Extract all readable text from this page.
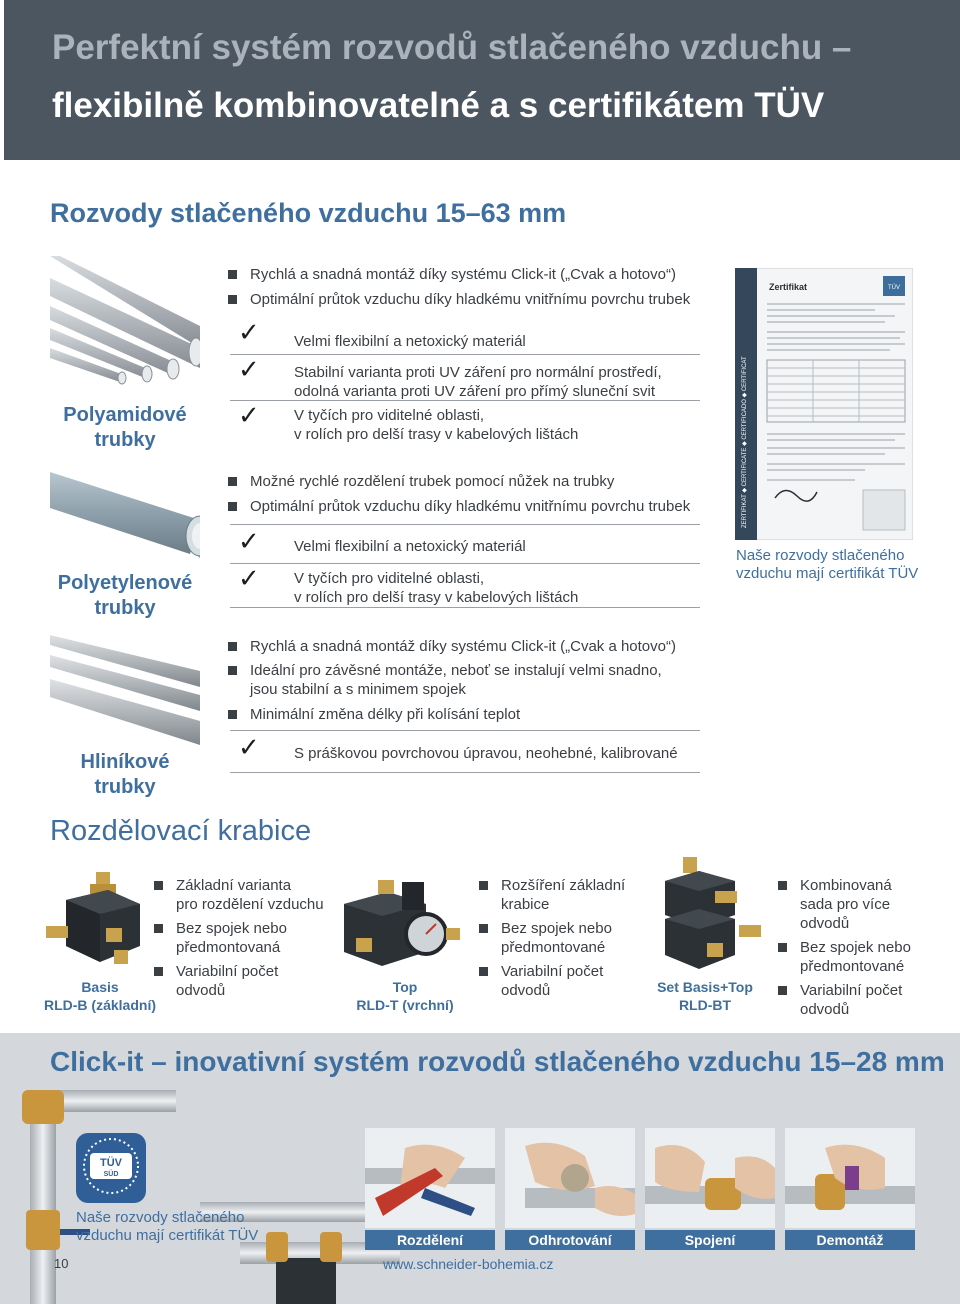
Perfektní systém rozvodů stlačeného vzduchu –
flexibilně kombinovatelné a s certifikátem TÜV
Rozvody stlačeného vzduchu 15–63 mm
Polyamidové
trubky
Polyetylenové
trubky
Hliníkové
trubky
Rychlá a snadná montáž díky systému Click-it („Cvak a hotovo“)
Optimální průtok vzduchu díky hladkému vnitřnímu povrchu trubek
✓ Velmi flexibilní a netoxický materiál
✓ Stabilní varianta proti UV záření pro normální prostředí,
odolná varianta proti UV záření pro přímý sluneční svit
✓ V tyčích pro viditelné oblasti,
v rolích pro delší trasy v kabelových lištách
Možné rychlé rozdělení trubek pomocí nůžek na trubky
Optimální průtok vzduchu díky hladkému vnitřnímu povrchu trubek
✓ Velmi flexibilní a netoxický materiál
✓ V tyčích pro viditelné oblasti,
v rolích pro delší trasy v kabelových lištách
Rychlá a snadná montáž díky systému Click-it („Cvak a hotovo“)
Ideální pro závěsné montáže, neboť se instalují velmi snadno,
jsou stabilní a s minimem spojek
Minimální změna délky při kolísání teplot
✓ S práškovou povrchovou úpravou, neohebné, kalibrované
ZERTIFIKAT ◆ CERTIFICATE ◆ CERTIFICADO ◆ CERTIFICAT
Zertifikat	TÜV
Naše rozvody stlačeného
vzduchu mají certifikát TÜV
Rozdělovací krabice
Basis
RLD-B (základní)
Základní varianta
pro rozdělení vzduchu
Bez spojek nebo
předmontovaná
Variabilní počet
odvodů	Top
RLD-T (vrchní)
Rozšíření základní
krabice
Bez spojek nebo
předmontované
Variabilní počet
odvodů	Set Basis+Top
RLD-BT
Kombinovaná
sada pro více
odvodů
Bez spojek nebo
předmontované
Variabilní počet
odvodů
Click-it – inovativní systém rozvodů stlačeného vzduchu 15–28 mm
TÜV
SÜD
Naše rozvody stlačeného
vzduchu mají certifikát TÜV	Rozdělení	Odhrotování	Spojení	Demontáž
10	www.schneider-bohemia.cz
